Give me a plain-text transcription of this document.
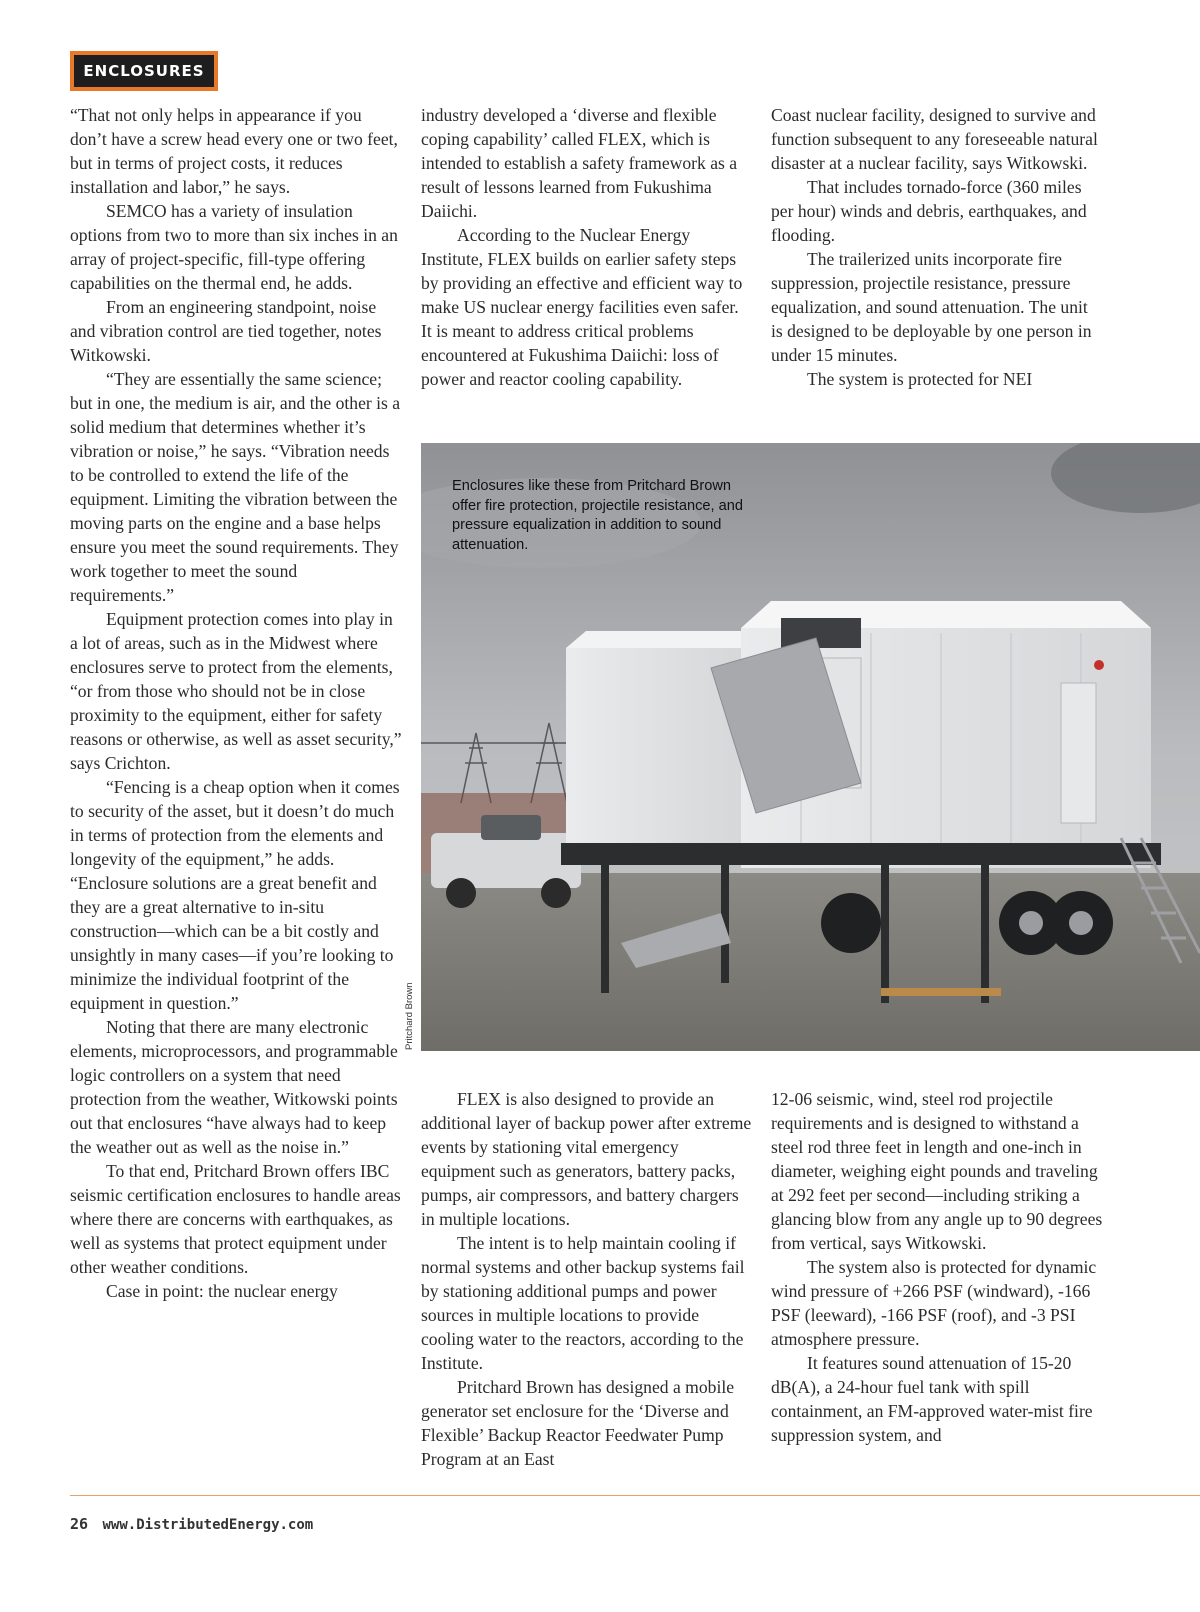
ENCLOSURES

“That not only helps in appearance if you don’t have a screw head every one or two feet, but in terms of project costs, it reduces installation and labor,” he says.

SEMCO has a variety of insulation options from two to more than six inches in an array of project-specific, fill-type offering capabilities on the thermal end, he adds.

From an engineering standpoint, noise and vibration control are tied together, notes Witkowski.

“They are essentially the same science; but in one, the medium is air, and the other is a solid medium that determines whether it’s vibration or noise,” he says. “Vibration needs to be controlled to extend the life of the equipment. Limiting the vibration between the moving parts on the engine and a base helps ensure you meet the sound requirements. They work together to meet the sound requirements.”

Equipment protection comes into play in a lot of areas, such as in the Midwest where enclosures serve to protect from the elements, “or from those who should not be in close proximity to the equipment, either for safety reasons or otherwise, as well as asset security,” says Crichton.

“Fencing is a cheap option when it comes to security of the asset, but it doesn’t do much in terms of protection from the elements and longevity of the equipment,” he adds. “Enclosure solutions are a great benefit and they are a great alternative to in-situ construction—which can be a bit costly and unsightly in many cases—if you’re looking to minimize the individual footprint of the equipment in question.”

Noting that there are many electronic elements, microprocessors, and programmable logic controllers on a system that need protection from the weather, Witkowski points out that enclosures “have always had to keep the weather out as well as the noise in.”

To that end, Pritchard Brown offers IBC seismic certification enclosures to handle areas where there are concerns with earthquakes, as well as systems that protect equipment under other weather conditions.

Case in point: the nuclear energy

industry developed a ‘diverse and flexible coping capability’ called FLEX, which is intended to establish a safety framework as a result of lessons learned from Fukushima Daiichi.

According to the Nuclear Energy Institute, FLEX builds on earlier safety steps by providing an effective and efficient way to make US nuclear energy facilities even safer. It is meant to address critical problems encountered at Fukushima Daiichi: loss of power and reactor cooling capability.

Coast nuclear facility, designed to survive and function subsequent to any foreseeable natural disaster at a nuclear facility, says Witkowski.

That includes tornado-force (360 miles per hour) winds and debris, earthquakes, and flooding.

The trailerized units incorporate fire suppression, projectile resistance, pressure equalization, and sound attenuation. The unit is designed to be deployable by one person in under 15 minutes.

The system is protected for NEI

Enclosures like these from Pritchard Brown offer fire protection, projectile resistance, and pressure equalization in addition to sound attenuation.
Pritchard Brown

FLEX is also designed to provide an additional layer of backup power after extreme events by stationing vital emergency equipment such as generators, battery packs, pumps, air compressors, and battery chargers in multiple locations.

The intent is to help maintain cooling if normal systems and other backup systems fail by stationing additional pumps and power sources in multiple locations to provide cooling water to the reactors, according to the Institute.

Pritchard Brown has designed a mobile generator set enclosure for the ‘Diverse and Flexible’ Backup Reactor Feedwater Pump Program at an East

12-06 seismic, wind, steel rod projectile requirements and is designed to withstand a steel rod three feet in length and one-inch in diameter, weighing eight pounds and traveling at 292 feet per second—including striking a glancing blow from any angle up to 90 degrees from vertical, says Witkowski.

The system also is protected for dynamic wind pressure of +266 PSF (windward), -166 PSF (leeward), -166 PSF (roof), and -3 PSI atmosphere pressure.

It features sound attenuation of 15-20 dB(A), a 24-hour fuel tank with spill containment, an FM-approved water-mist fire suppression system, and

26 www.DistributedEnergy.com
